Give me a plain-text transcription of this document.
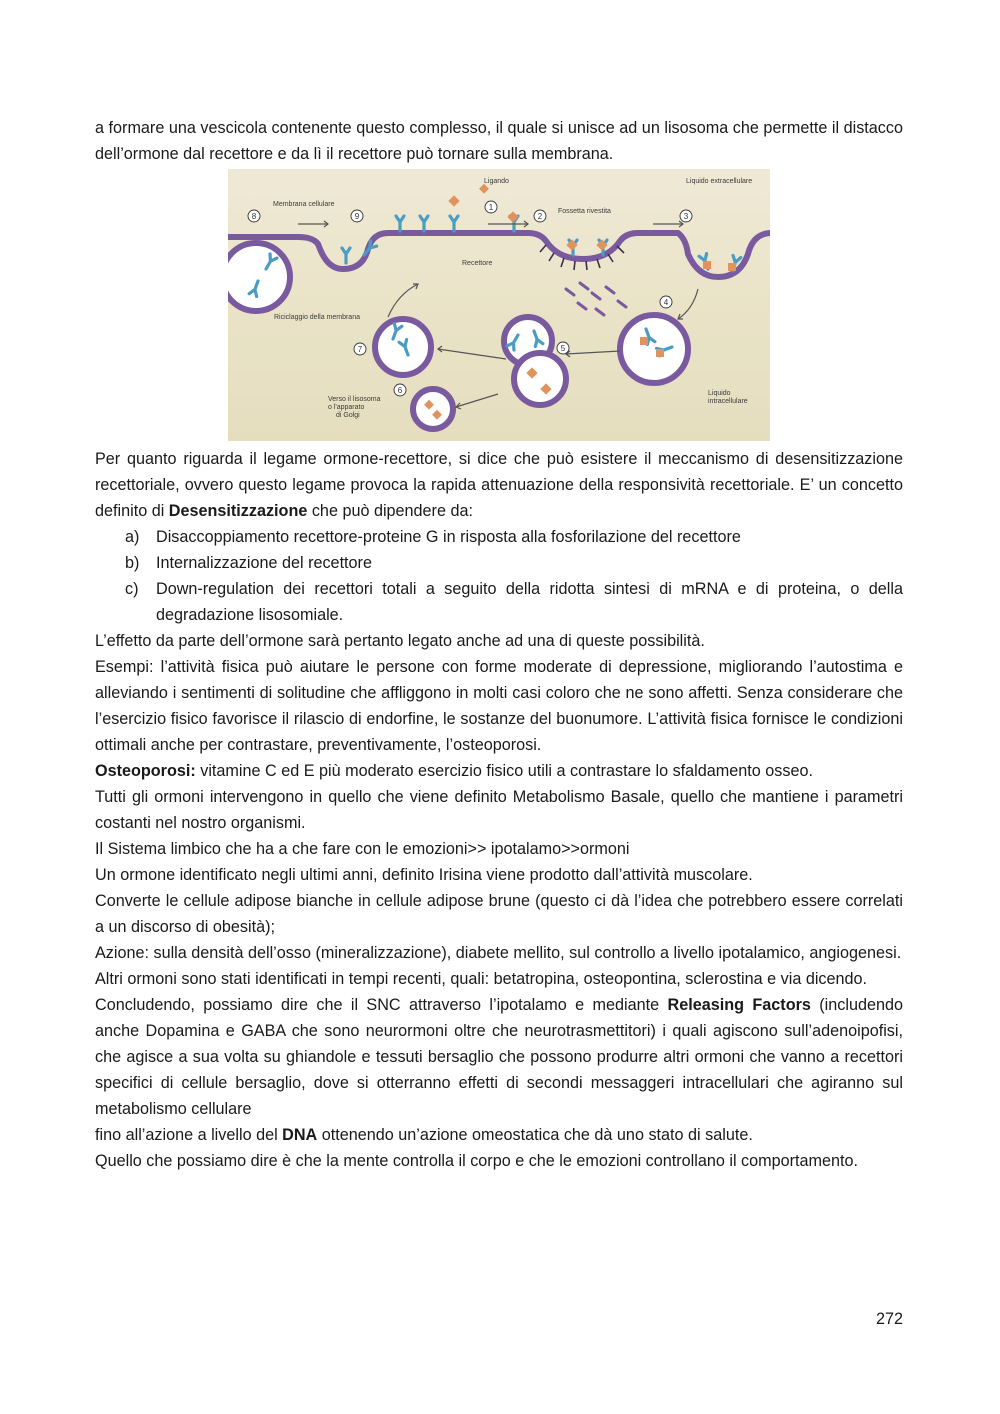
a formare una vescicola contenente questo complesso, il quale si unisce ad un lisosoma che permette il distacco dell’ormone dal recettore e da lì il recettore può tornare sulla membrana.

1
2	3
4
5
6
7
8	9
Membrana cellulare
Ligando	Liquido extracellulare
Fossetta rivestita
Recettore
Riciclaggio della membrana
Verso il lisosoma
o l'apparato
di Golgi
Liquido
intracellulare

Per quanto riguarda il legame ormone-recettore, si dice che può esistere il meccanismo di desensitizzazione recettoriale, ovvero questo legame provoca la rapida attenuazione della responsività recettoriale. E’ un concetto definito di Desensitizzazione che può dipendere da:

a) Disaccoppiamento recettore-proteine G in risposta alla fosforilazione del recettore
b) Internalizzazione del recettore
c) Down-regulation dei recettori totali a seguito della ridotta sintesi di mRNA e di proteina, o della degradazione lisosomiale.

L’effetto da parte dell’ormone sarà pertanto legato anche ad una di queste possibilità.

Esempi: l’attività fisica può aiutare le persone con forme moderate di depressione, migliorando l’autostima e alleviando i sentimenti di solitudine che affliggono in molti casi coloro che ne sono affetti. Senza considerare che l’esercizio fisico favorisce il rilascio di endorfine, le sostanze del buonumore. L’attività fisica fornisce le condizioni ottimali anche per contrastare, preventivamente, l’osteoporosi.

Osteoporosi: vitamine C ed E più moderato esercizio fisico utili a contrastare lo sfaldamento osseo.

Tutti gli ormoni intervengono in quello che viene definito Metabolismo Basale, quello che mantiene i parametri costanti nel nostro organismi.

Il Sistema limbico che ha a che fare con le emozioni>> ipotalamo>>ormoni

Un ormone identificato negli ultimi anni, definito Irisina viene prodotto dall’attività muscolare.

Converte le cellule adipose bianche in cellule adipose brune (questo ci dà l’idea che potrebbero essere correlati a un discorso di obesità);

Azione: sulla densità dell’osso (mineralizzazione), diabete mellito, sul controllo a livello ipotalamico, angiogenesi.

Altri ormoni sono stati identificati in tempi recenti, quali: betatropina, osteopontina, sclerostina e via dicendo.

Concludendo, possiamo dire che il SNC attraverso l’ipotalamo e mediante Releasing Factors (includendo anche Dopamina e GABA che sono neurormoni oltre che neurotrasmettitori) i quali agiscono sull’adenoipofisi, che agisce a sua volta su ghiandole e tessuti bersaglio che possono produrre altri ormoni che vanno a recettori specifici di cellule bersaglio, dove si otterranno effetti di secondi messaggeri intracellulari che agiranno sul metabolismo cellulare

fino all’azione a livello del DNA ottenendo un’azione omeostatica che dà uno stato di salute.

Quello che possiamo dire è che la mente controlla il corpo e che le emozioni controllano il comportamento.

272
